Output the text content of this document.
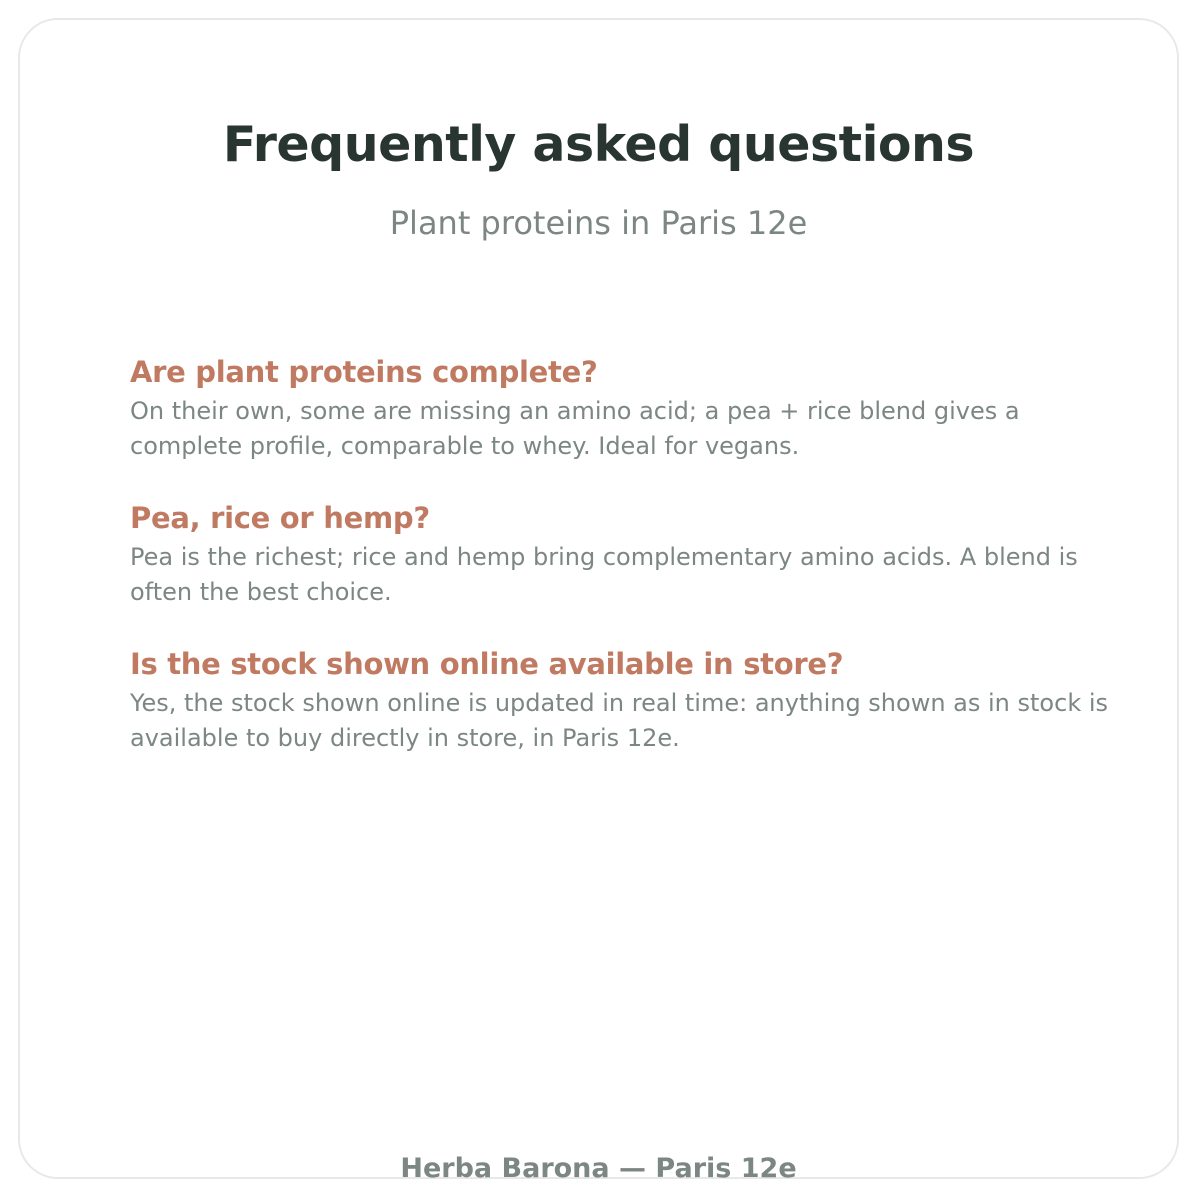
Frequently asked questions

Plant proteins in Paris 12e

Are plant proteins complete?

On their own, some are missing an amino acid; a pea + rice blend gives a complete profile, comparable to whey. Ideal for vegans.

Pea, rice or hemp?

Pea is the richest; rice and hemp bring complementary amino acids. A blend is often the best choice.

Is the stock shown online available in store?

Yes, the stock shown online is updated in real time: anything shown as in stock is available to buy directly in store, in Paris 12e.

Herba Barona — Paris 12e
